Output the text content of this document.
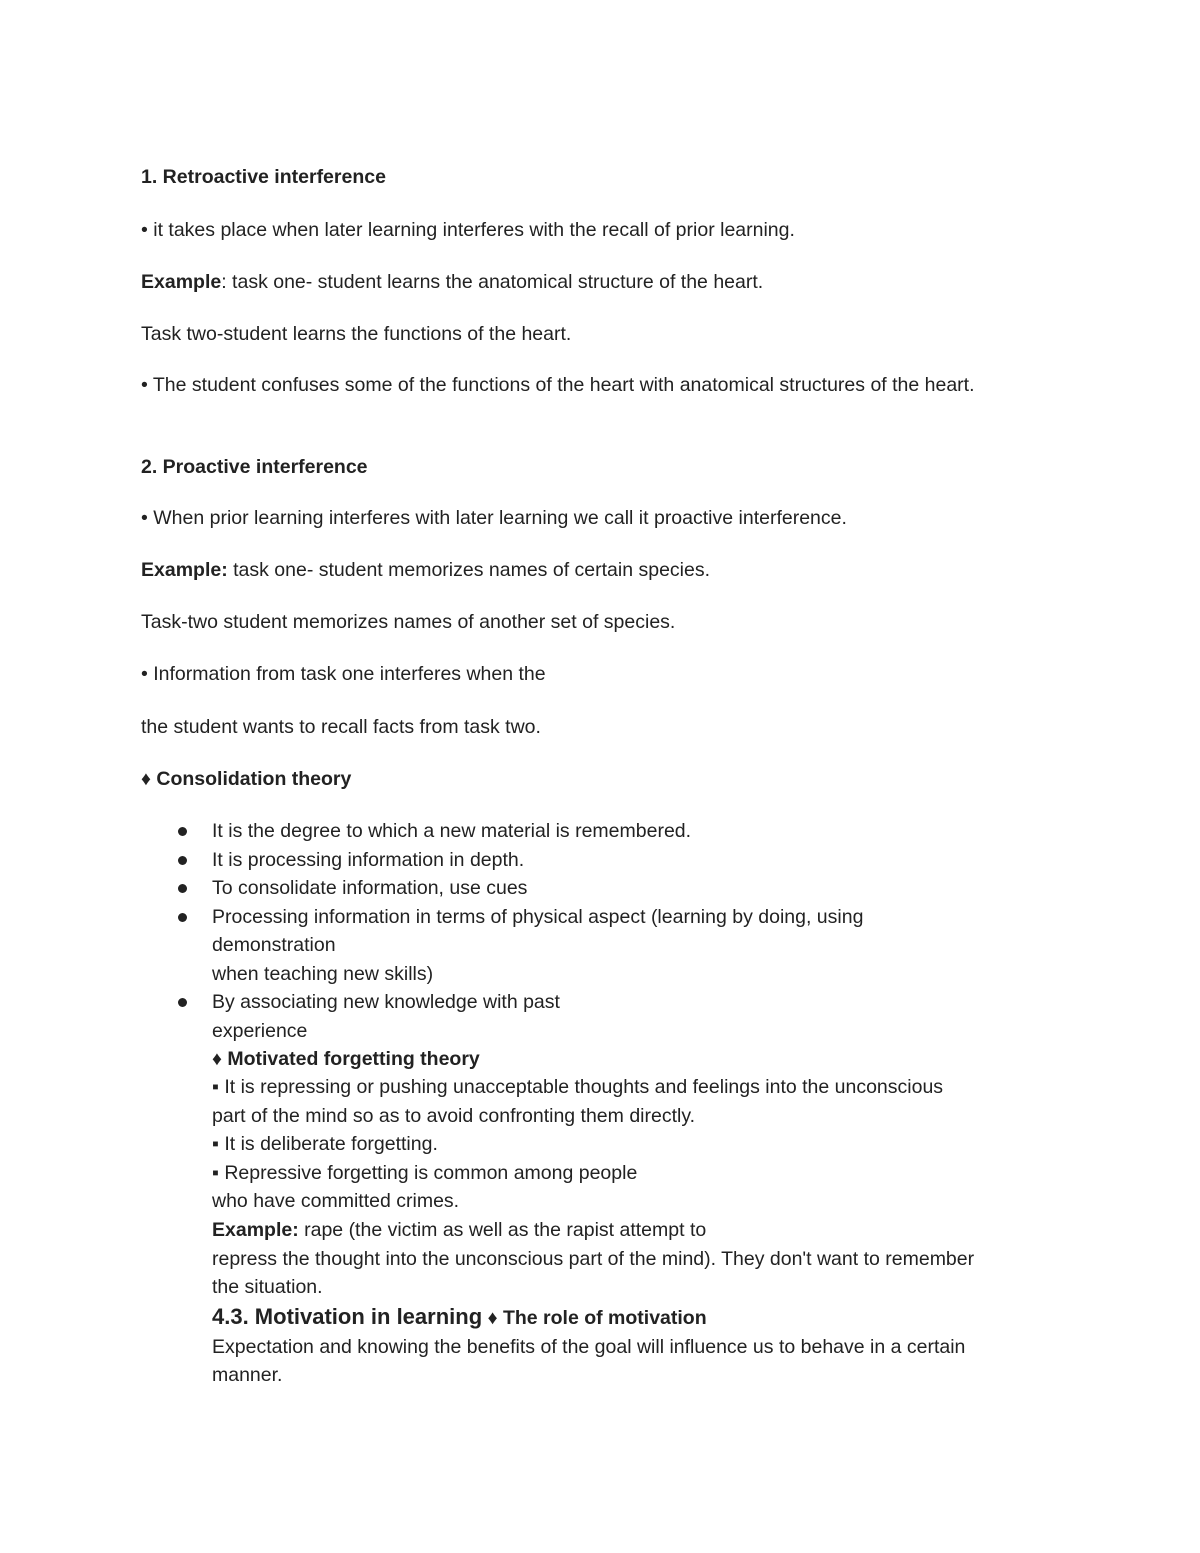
1. Retroactive interference
• it takes place when later learning interferes with the recall of prior learning.
Example: task one- student learns the anatomical structure of the heart.
Task two-student learns the functions of the heart.
• The student confuses some of the functions of the heart with anatomical structures of the heart.
2. Proactive interference
• When prior learning interferes with later learning we call it proactive interference.
Example: task one- student memorizes names of certain species.
Task-two student memorizes names of another set of species.
• Information from task one interferes when the
the student wants to recall facts from task two.
♦ Consolidation theory
It is the degree to which a new material is remembered.
It is processing information in depth.
To consolidate information, use cues
Processing information in terms of physical aspect (learning by doing, using
demonstration
when teaching new skills)
By associating new knowledge with past
experience
♦ Motivated forgetting theory
▪ It is repressing or pushing unacceptable thoughts and feelings into the unconscious
part of the mind so as to avoid confronting them directly.
▪ It is deliberate forgetting.
▪ Repressive forgetting is common among people
who have committed crimes.
Example: rape (the victim as well as the rapist attempt to
repress the thought into the unconscious part of the mind). They don't want to remember
the situation.
4.3. Motivation in learning ♦ The role of motivation
Expectation and knowing the benefits of the goal will influence us to behave in a certain
manner.
